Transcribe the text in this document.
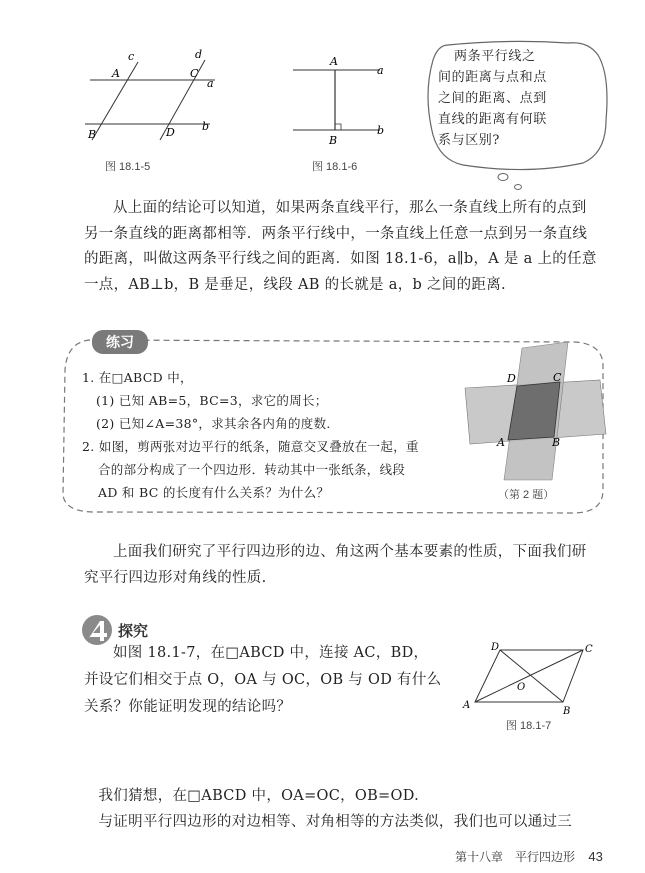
c	d
A	C
a
B	D b
图 18.1-5
A
a
B
b
图 18.1-6
两条平行线之
间的距离与点和点
之间的距离、点到
直线的距离有何联
系与区别?
从上面的结论可以知道，如果两条直线平行，那么一条直线上所有的点到
另一条直线的距离都相等．两条平行线中，一条直线上任意一点到另一条直线
的距离，叫做这两条平行线之间的距离．如图 18.1-6，a∥b，A 是 a 上的任意
一点，AB⊥b，B 是垂足，线段 AB 的长就是 a，b 之间的距离.
练习
1. 在□ABCD 中，
(1) 已知 AB=5，BC=3，求它的周长；
(2) 已知∠A=38°，求其余各内角的度数.
2. 如图，剪两张对边平行的纸条，随意交叉叠放在一起，重
合的部分构成了一个四边形．转动其中一张纸条，线段
AD 和 BC 的长度有什么关系？为什么？
D	C
A	B
（第 2 题）
上面我们研究了平行四边形的边、角这两个基本要素的性质，下面我们研
究平行四边形对角线的性质.
探究
如图 18.1-7，在□ABCD 中，连接 AC，BD，
并设它们相交于点 O，OA 与 OC，OB 与 OD 有什么
关系？你能证明发现的结论吗？
D	C
O
A
B
图 18.1-7
我们猜想，在□ABCD 中，OA=OC，OB=OD.
与证明平行四边形的对边相等、对角相等的方法类似，我们也可以通过三
第十八章　平行四边形 43
